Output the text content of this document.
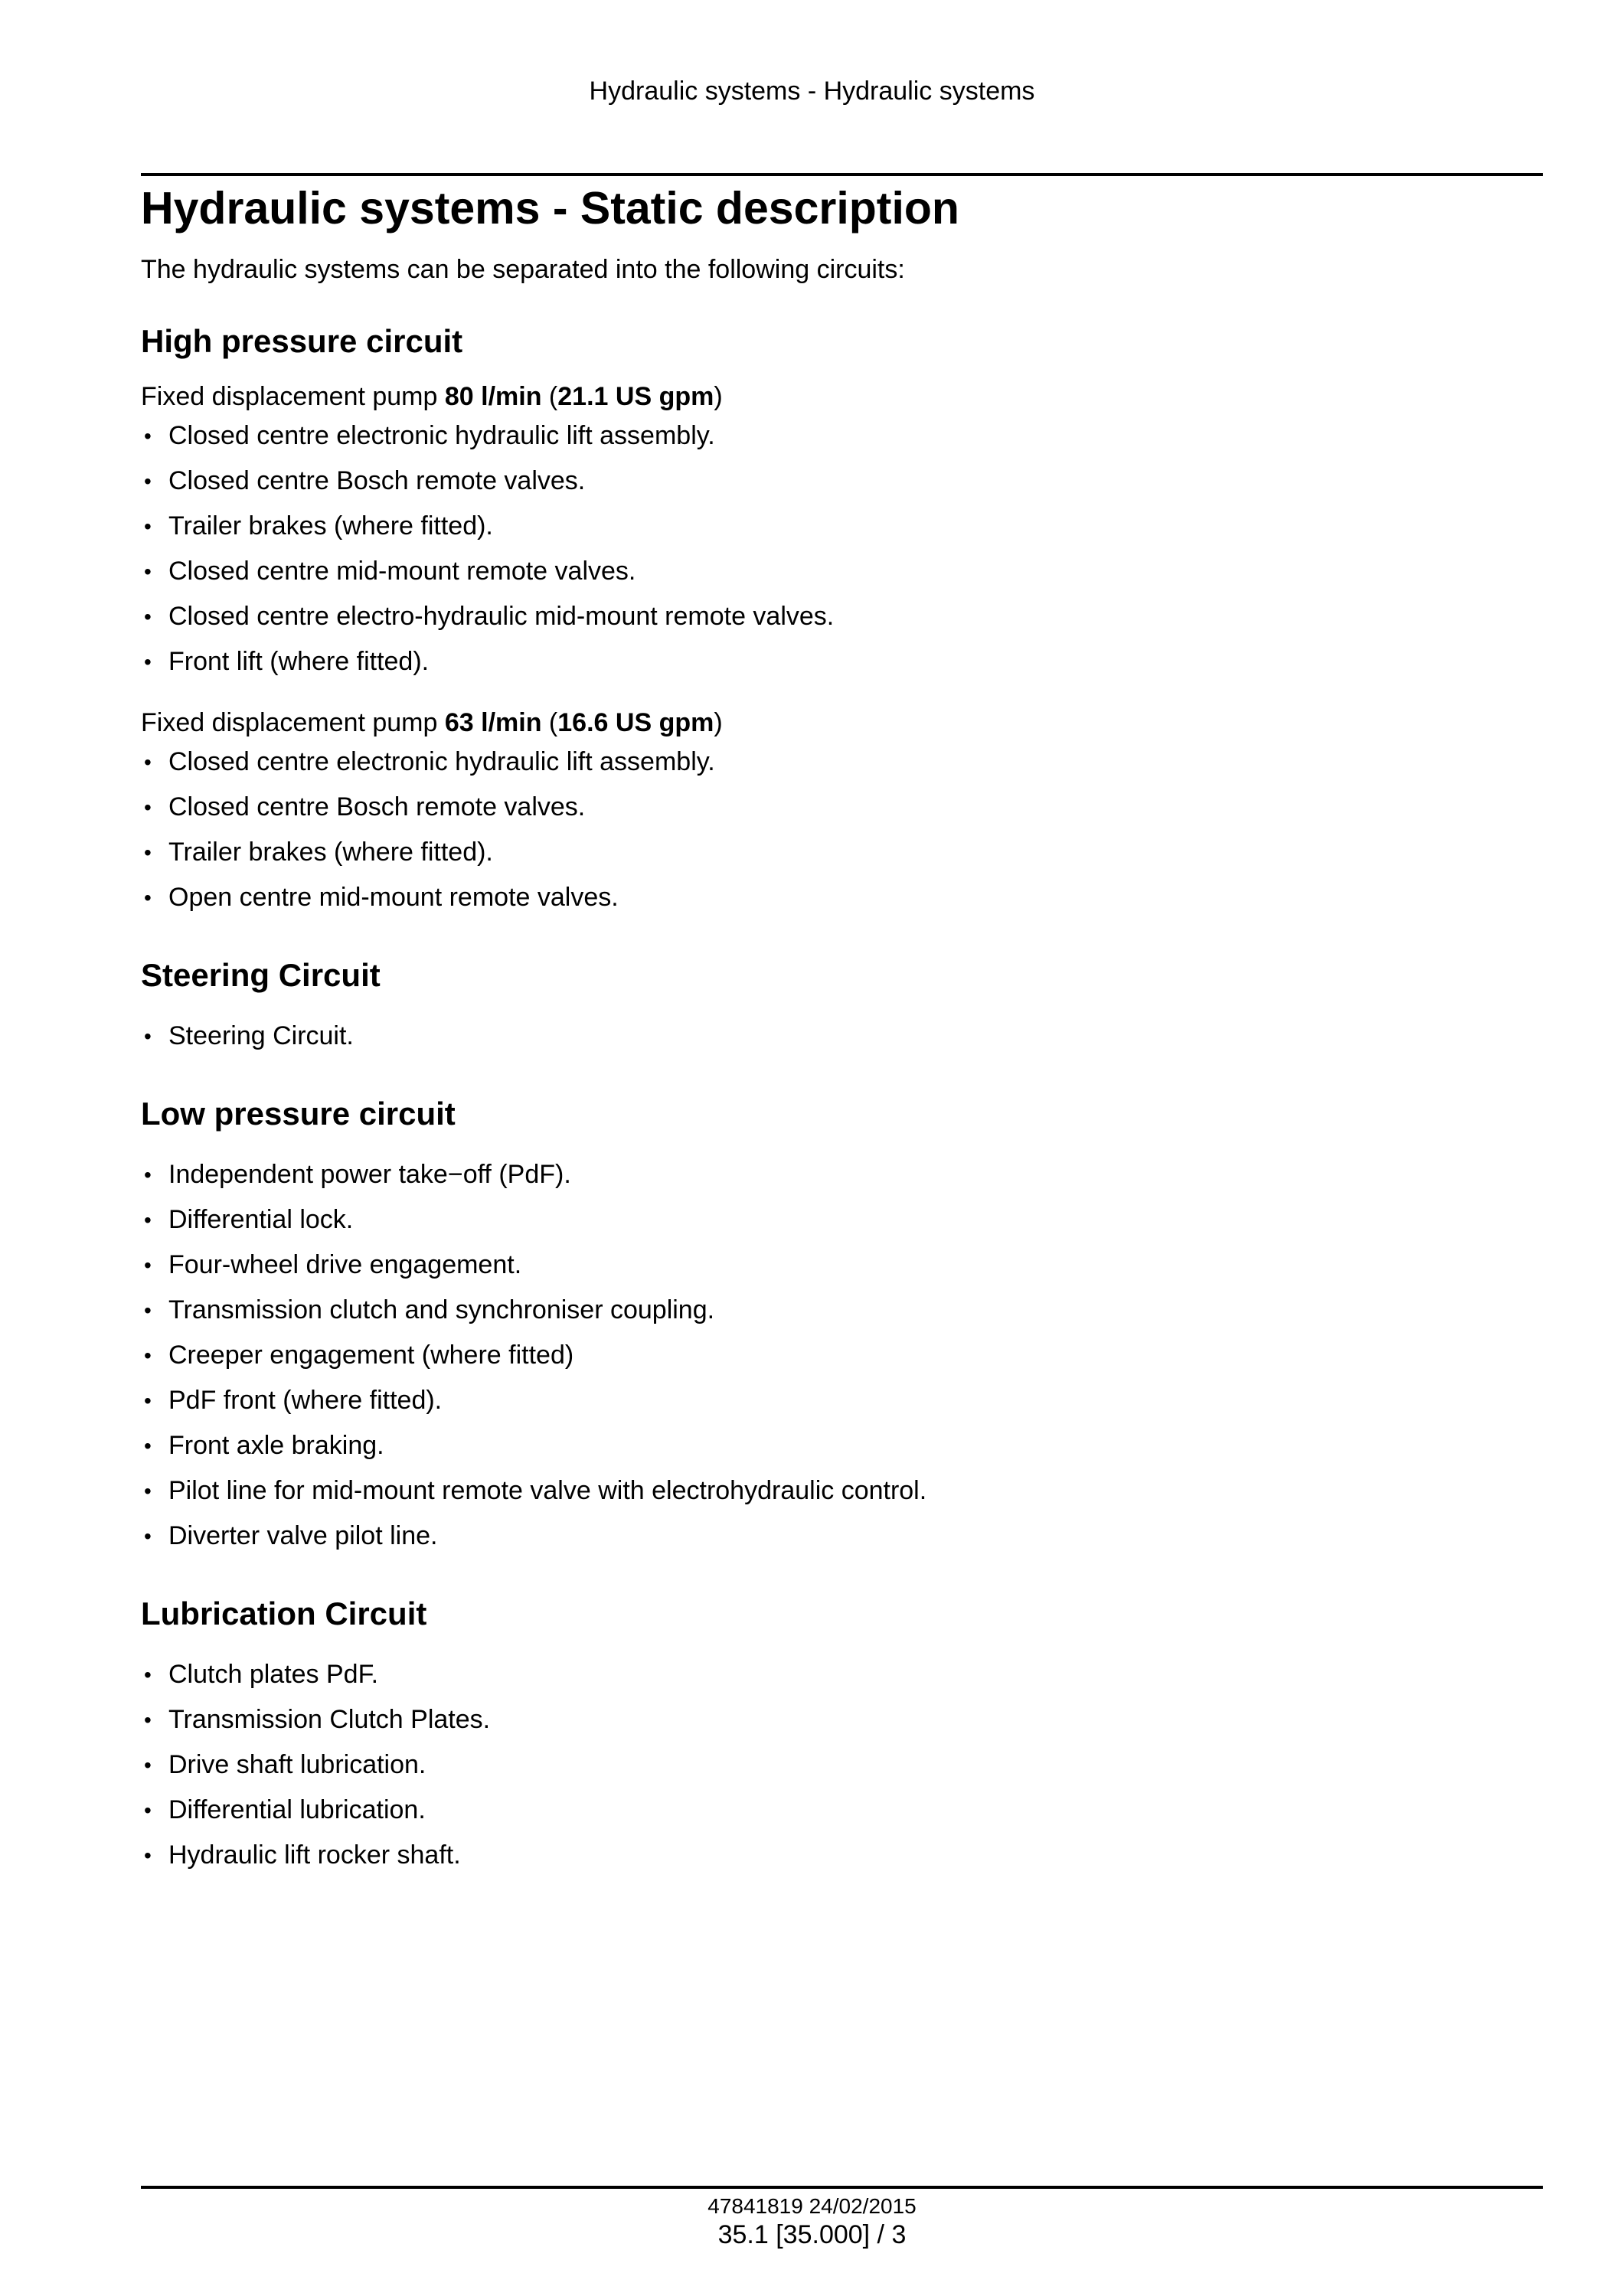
Hydraulic systems - Hydraulic systems
Hydraulic systems - Static description

The hydraulic systems can be separated into the following circuits:

High pressure circuit

Fixed displacement pump 80 l/min (21.1 US gpm)

• Closed centre electronic hydraulic lift assembly.
• Closed centre Bosch remote valves.
• Trailer brakes (where fitted).
• Closed centre mid-mount remote valves.
• Closed centre electro-hydraulic mid-mount remote valves.
• Front lift (where fitted).

Fixed displacement pump 63 l/min (16.6 US gpm)

• Closed centre electronic hydraulic lift assembly.
• Closed centre Bosch remote valves.
• Trailer brakes (where fitted).
• Open centre mid-mount remote valves.
Steering Circuit
• Steering Circuit.
Low pressure circuit
• Independent power take−off (PdF).
• Differential lock.
• Four-wheel drive engagement.
• Transmission clutch and synchroniser coupling.
• Creeper engagement (where fitted)
• PdF front (where fitted).
• Front axle braking.
• Pilot line for mid-mount remote valve with electrohydraulic control.
• Diverter valve pilot line.
Lubrication Circuit
• Clutch plates PdF.
• Transmission Clutch Plates.
• Drive shaft lubrication.
• Differential lubrication.
• Hydraulic lift rocker shaft.
47841819 24/02/2015
35.1 [35.000] / 3
